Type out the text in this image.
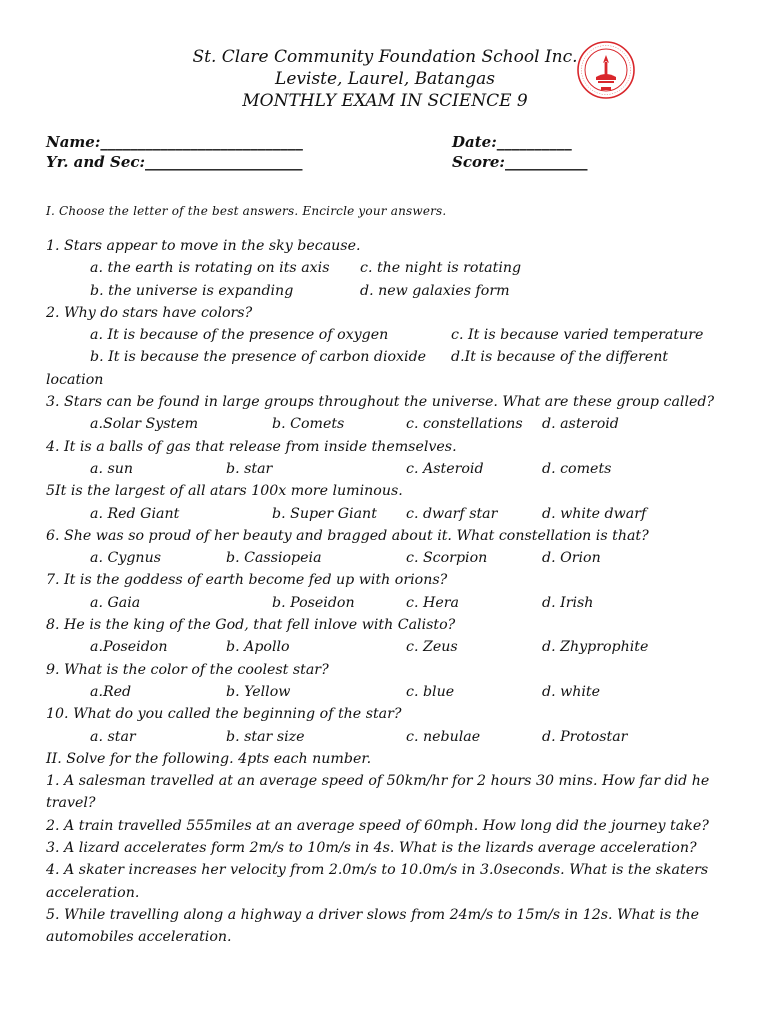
St. Clare Community Foundation School Inc.
Leviste, Laurel, Batangas
MONTHLY EXAM IN SCIENCE 9
Name:___________________________	Date:__________
Yr. and Sec:_____________________	Score:___________
I. Choose the letter of the best answers. Encircle your answers.
1. Stars appear to move in the sky because.
a. the earth is rotating on its axis c. the night is rotating
b. the universe is expanding	d. new galaxies form
2. Why do stars have colors?
a. It is because of the presence of oxygen	c. It is because varied temperature
b. It is because the presence of carbon dioxide d.It is because of the different
location
3. Stars can be found in large groups throughout the universe. What are these group called?
a.Solar System	b. Comets	c. constellations d. asteroid
4. It is a balls of gas that release from inside themselves.
a. sun	b. star	c. Asteroid	d. comets
5It is the largest of all atars 100x more luminous.
a. Red Giant	b. Super Giant c. dwarf star	d. white dwarf
6. She was so proud of her beauty and bragged about it. What constellation is that?
a. Cygnus	b. Cassiopeia	c. Scorpion	d. Orion
7. It is the goddess of earth become fed up with orions?
a. Gaia	b. Poseidon	c. Hera	d. Irish
8. He is the king of the God, that fell inlove with Calisto?
a.Poseidon	b. Apollo	c. Zeus	d. Zhyprophite
9. What is the color of the coolest star?
a.Red	b. Yellow	c. blue	d. white
10. What do you called the beginning of the star?
a. star	b. star size	c. nebulae	d. Protostar
II. Solve for the following. 4pts each number.
1. A salesman travelled at an average speed of 50km/hr for 2 hours 30 mins. How far did he
travel?
2. A train travelled 555miles at an average speed of 60mph. How long did the journey take?
3. A lizard accelerates form 2m/s to 10m/s in 4s. What is the lizards average acceleration?
4. A skater increases her velocity from 2.0m/s to 10.0m/s in 3.0seconds. What is the skaters
acceleration.
5. While travelling along a highway a driver slows from 24m/s to 15m/s in 12s. What is the
automobiles acceleration.
